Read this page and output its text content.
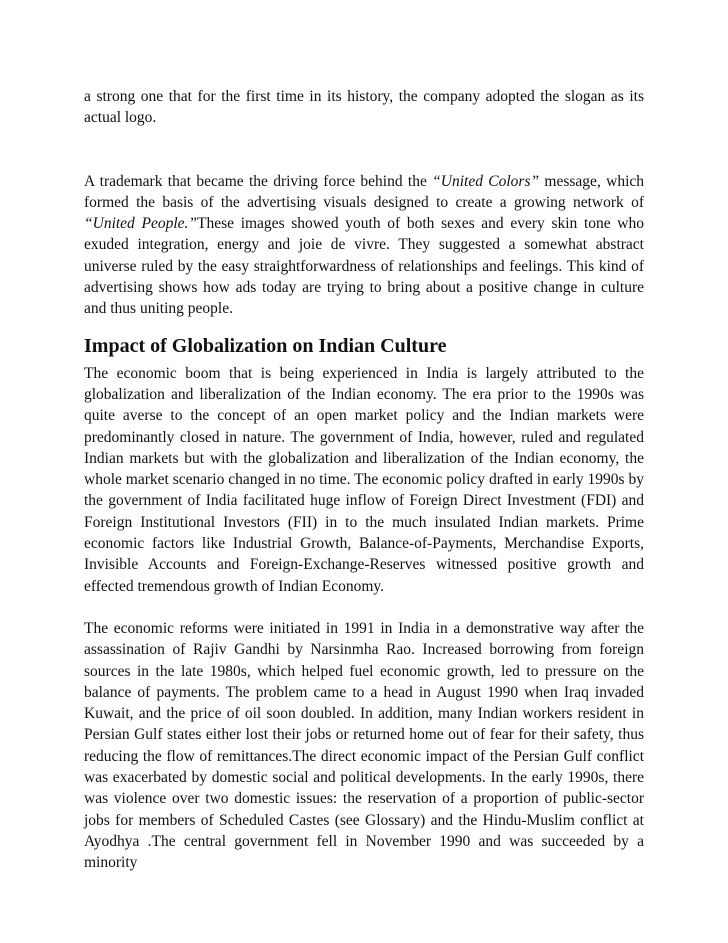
a strong one that for the first time in its history, the company adopted the slogan as its actual logo.

A trademark that became the driving force behind the “United Colors” message, which formed the basis of the advertising visuals designed to create a growing network of “United People.”These images showed youth of both sexes and every skin tone who exuded integration, energy and joie de vivre. They suggested a somewhat abstract universe ruled by the easy straightforwardness of relationships and feelings. This kind of advertising shows how ads today are trying to bring about a positive change in culture and thus uniting people.

Impact of Globalization on Indian Culture

The economic boom that is being experienced in India is largely attributed to the globalization and liberalization of the Indian economy. The era prior to the 1990s was quite averse to the concept of an open market policy and the Indian markets were predominantly closed in nature. The government of India, however, ruled and regulated Indian markets but with the globalization and liberalization of the Indian economy, the whole market scenario changed in no time. The economic policy drafted in early 1990s by the government of India facilitated huge inflow of Foreign Direct Investment (FDI) and Foreign Institutional Investors (FII) in to the much insulated Indian markets. Prime economic factors like Industrial Growth, Balance-of-Payments, Merchandise Exports, Invisible Accounts and Foreign-Exchange-Reserves witnessed positive growth and effected tremendous growth of Indian Economy.

The economic reforms were initiated in 1991 in India in a demonstrative way after the assassination of Rajiv Gandhi by Narsinmha Rao. Increased borrowing from foreign sources in the late 1980s, which helped fuel economic growth, led to pressure on the balance of payments. The problem came to a head in August 1990 when Iraq invaded Kuwait, and the price of oil soon doubled. In addition, many Indian workers resident in Persian Gulf states either lost their jobs or returned home out of fear for their safety, thus reducing the flow of remittances.The direct economic impact of the Persian Gulf conflict was exacerbated by domestic social and political developments. In the early 1990s, there was violence over two domestic issues: the reservation of a proportion of public-sector jobs for members of Scheduled Castes (see Glossary) and the Hindu-Muslim conflict at Ayodhya .The central government fell in November 1990 and was succeeded by a minority
